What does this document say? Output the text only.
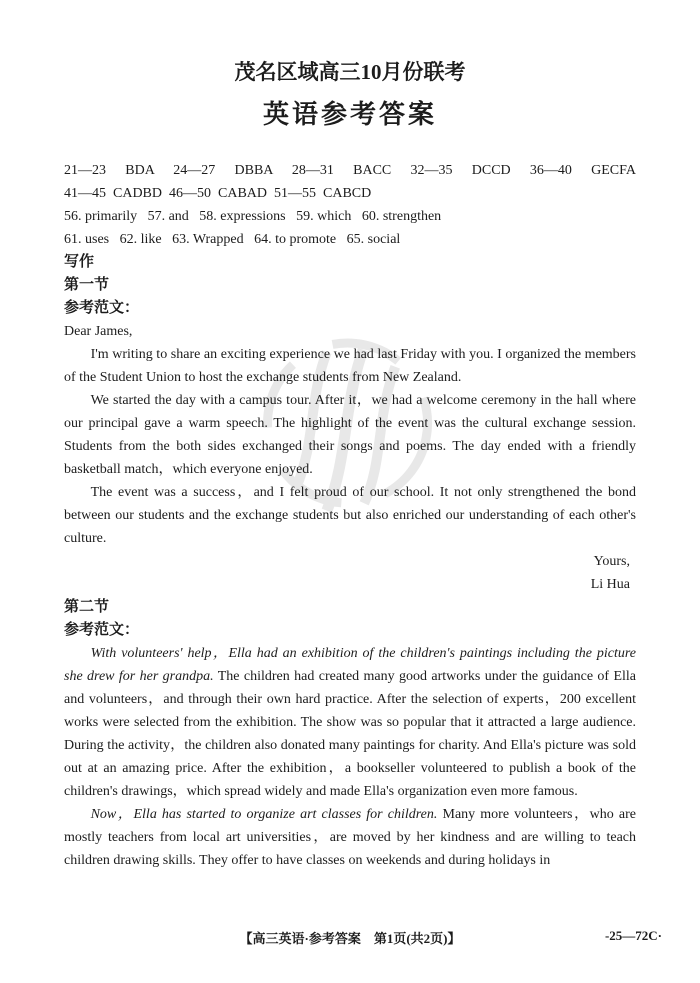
茂名区域高三10月份联考
英语参考答案

21—23 BDA 24—27 DBBA 28—31 BACC 32—35 DCCD 36—40 GECFA

41—45  CADBD  46—50  CABAD  51—55  CABCD

56. primarily   57. and   58. expressions   59. which   60. strengthen

61. uses   62. like   63. Wrapped   64. to promote   65. social

写作

第一节

参考范文：

Dear James,

I'm writing to share an exciting experience we had last Friday with you. I organized the members of the Student Union to host the exchange students from New Zealand.

We started the day with a campus tour. After it，we had a welcome ceremony in the hall where our principal gave a warm speech. The highlight of the event was the cultural exchange session. Students from the both sides exchanged their songs and poems. The day ended with a friendly basketball match，which everyone enjoyed.

The event was a success，and I felt proud of our school. It not only strengthened the bond between our students and the exchange students but also enriched our understanding of each other's culture.

Yours,

Li Hua

第二节

参考范文：

With volunteers' help，Ella had an exhibition of the children's paintings including the picture she drew for her grandpa. The children had created many good artworks under the guidance of Ella and volunteers，and through their own hard practice. After the selection of experts，200 excellent works were selected from the exhibition. The show was so popular that it attracted a large audience. During the activity，the children also donated many paintings for charity. And Ella's picture was sold out at an amazing price. After the exhibition，a bookseller volunteered to publish a book of the children's drawings，which spread widely and made Ella's organization even more famous.

Now，Ella has started to organize art classes for children. Many more volunteers，who are mostly teachers from local art universities，are moved by her kindness and are willing to teach children drawing skills. They offer to have classes on weekends and during holidays in

【高三英语·参考答案　第1页(共2页)】	-25—72C·
